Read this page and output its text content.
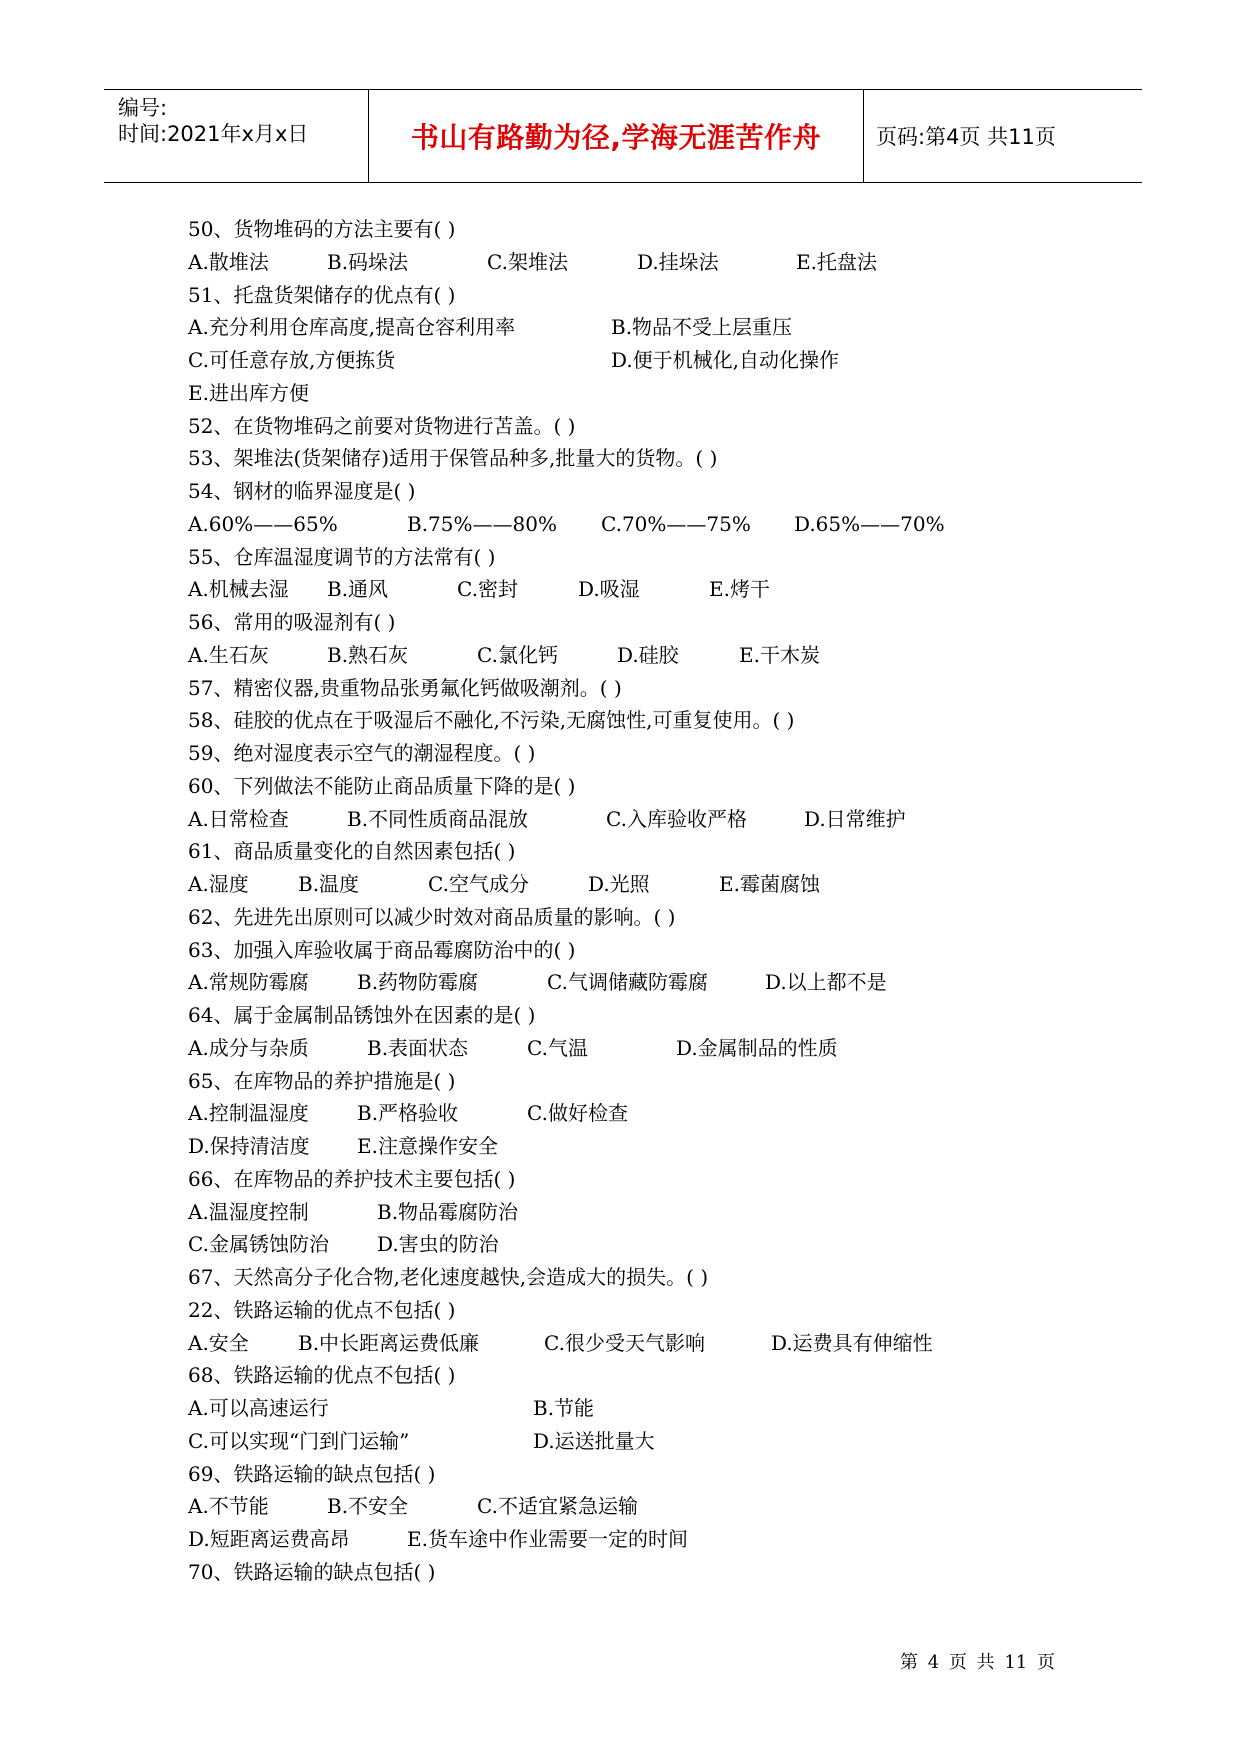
编号:
时间:2021年x月x日	书山有路勤为径,学海无涯苦作舟	页码:第4页 共11页
50、货物堆码的方法主要有( )
A.散堆法	B.码垛法	C.架堆法	D.挂垛法	E.托盘法
51、托盘货架储存的优点有( )
A.充分利用仓库高度,提高仓容利用率	B.物品不受上层重压
C.可任意存放,方便拣货	D.便于机械化,自动化操作
E.进出库方便
52、在货物堆码之前要对货物进行苫盖。( )
53、架堆法(货架储存)适用于保管品种多,批量大的货物。( )
54、钢材的临界湿度是( )
A.60%——65%	B.75%——80% C.70%——75% D.65%——70%
55、仓库温湿度调节的方法常有( )
A.机械去湿 B.通风	C.密封	D.吸湿	E.烤干
56、常用的吸湿剂有( )
A.生石灰	B.熟石灰	C.氯化钙	D.硅胶	E.干木炭
57、精密仪器,贵重物品张勇氟化钙做吸潮剂。( )
58、硅胶的优点在于吸湿后不融化,不污染,无腐蚀性,可重复使用。( )
59、绝对湿度表示空气的潮湿程度。( )
60、下列做法不能防止商品质量下降的是( )
A.日常检查	B.不同性质商品混放	C.入库验收严格	D.日常维护
61、商品质量变化的自然因素包括( )
A.湿度 B.温度	C.空气成分	D.光照	E.霉菌腐蚀
62、先进先出原则可以减少时效对商品质量的影响。( )
63、加强入库验收属于商品霉腐防治中的( )
A.常规防霉腐 B.药物防霉腐	C.气调储藏防霉腐	D.以上都不是
64、属于金属制品锈蚀外在因素的是( )
A.成分与杂质	B.表面状态	C.气温	D.金属制品的性质
65、在库物品的养护措施是( )
A.控制温湿度 B.严格验收	C.做好检查
D.保持清洁度 E.注意操作安全
66、在库物品的养护技术主要包括( )
A.温湿度控制	B.物品霉腐防治
C.金属锈蚀防治 D.害虫的防治
67、天然高分子化合物,老化速度越快,会造成大的损失。( )
22、铁路运输的优点不包括( )
A.安全 B.中长距离运费低廉	C.很少受天气影响	D.运费具有伸缩性
68、铁路运输的优点不包括( )
A.可以高速运行	B.节能
C.可以实现“门到门运输”	D.运送批量大
69、铁路运输的缺点包括( )
A.不节能	B.不安全	C.不适宜紧急运输
D.短距离运费高昂	E.货车途中作业需要一定的时间
70、铁路运输的缺点包括( )
第 4 页 共 11 页
